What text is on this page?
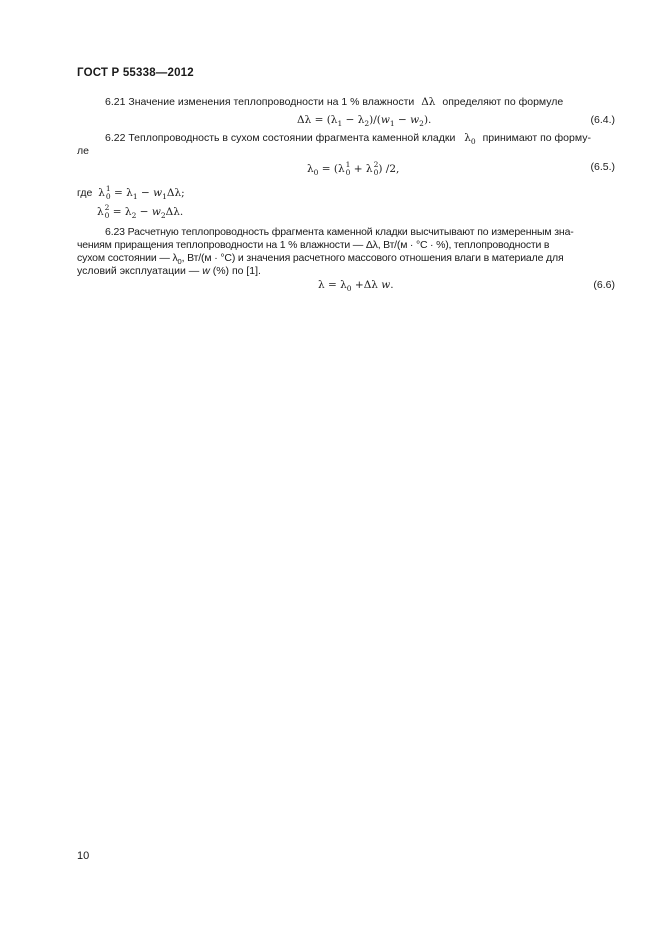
ГОСТ Р 55338—2012
6.21 Значение изменения теплопроводности на 1 % влажности Δλ определяют по формуле
$\Delta\lambda = (\lambda_1 - \lambda_2)/(w_1 - w_2)$.	(6.4.)
6.22 Теплопроводность в сухом состоянии фрагмента каменной кладки $\lambda_0$ принимают по форму-
ле
$\lambda_0 = (\lambda$ 1
0 + λ 2
0 ) /2,	(6.5.)
где λ 1
$0 = \lambda_1 - w_1\Delta\lambda$;
λ 2
$0 = \lambda_2 - w_2\Delta\lambda$.
6.23 Расчетную теплопроводность фрагмента каменной кладки высчитывают по измеренным зна-
чениям приращения теплопроводности на 1 % влажности — Δλ, Вт/(м · °С · %), теплопроводности в
сухом состоянии — $\lambda_0$, Вт/(м · °С) и значения расчетного массового отношения влаги в материале для
условий эксплуатации — w (%) по [1].
$\lambda = \lambda_0 +\Delta\lambda$ w.	(6.6)
10
